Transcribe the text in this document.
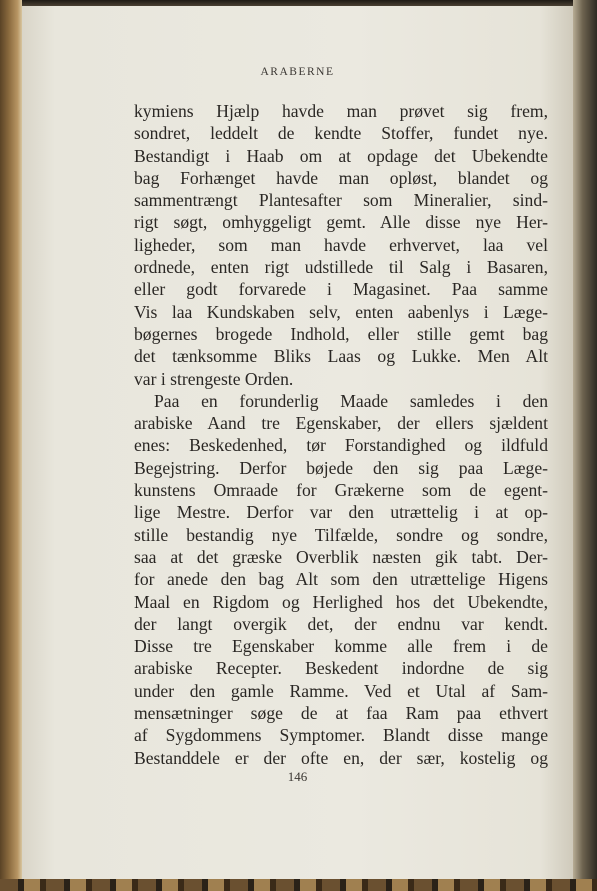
ARABERNE
kymiens Hjælp havde man prøvet sig frem,
sondret, leddelt de kendte Stoffer, fundet nye.
Bestandigt i Haab om at opdage det Ubekendte
bag Forhænget havde man opløst, blandet og
sammentrængt Plantesafter som Mineralier, sind-
rigt søgt, omhyggeligt gemt. Alle disse nye Her-
ligheder, som man havde erhvervet, laa vel
ordnede, enten rigt udstillede til Salg i Basaren,
eller godt forvarede i Magasinet. Paa samme
Vis laa Kundskaben selv, enten aabenlys i Læge-
bøgernes brogede Indhold, eller stille gemt bag
det tænksomme Bliks Laas og Lukke. Men Alt
var i strengeste Orden.
Paa en forunderlig Maade samledes i den
arabiske Aand tre Egenskaber, der ellers sjældent
enes: Beskedenhed, tør Forstandighed og ildfuld
Begejstring. Derfor bøjede den sig paa Læge-
kunstens Omraade for Grækerne som de egent-
lige Mestre. Derfor var den utrættelig i at op-
stille bestandig nye Tilfælde, sondre og sondre,
saa at det græske Overblik næsten gik tabt. Der-
for anede den bag Alt som den utrættelige Higens
Maal en Rigdom og Herlighed hos det Ubekendte,
der langt overgik det, der endnu var kendt.
Disse tre Egenskaber komme alle frem i de
arabiske Recepter. Beskedent indordne de sig
under den gamle Ramme. Ved et Utal af Sam-
mensætninger søge de at faa Ram paa ethvert
af Sygdommens Symptomer. Blandt disse mange
Bestanddele er der ofte en, der sær, kostelig og
146
